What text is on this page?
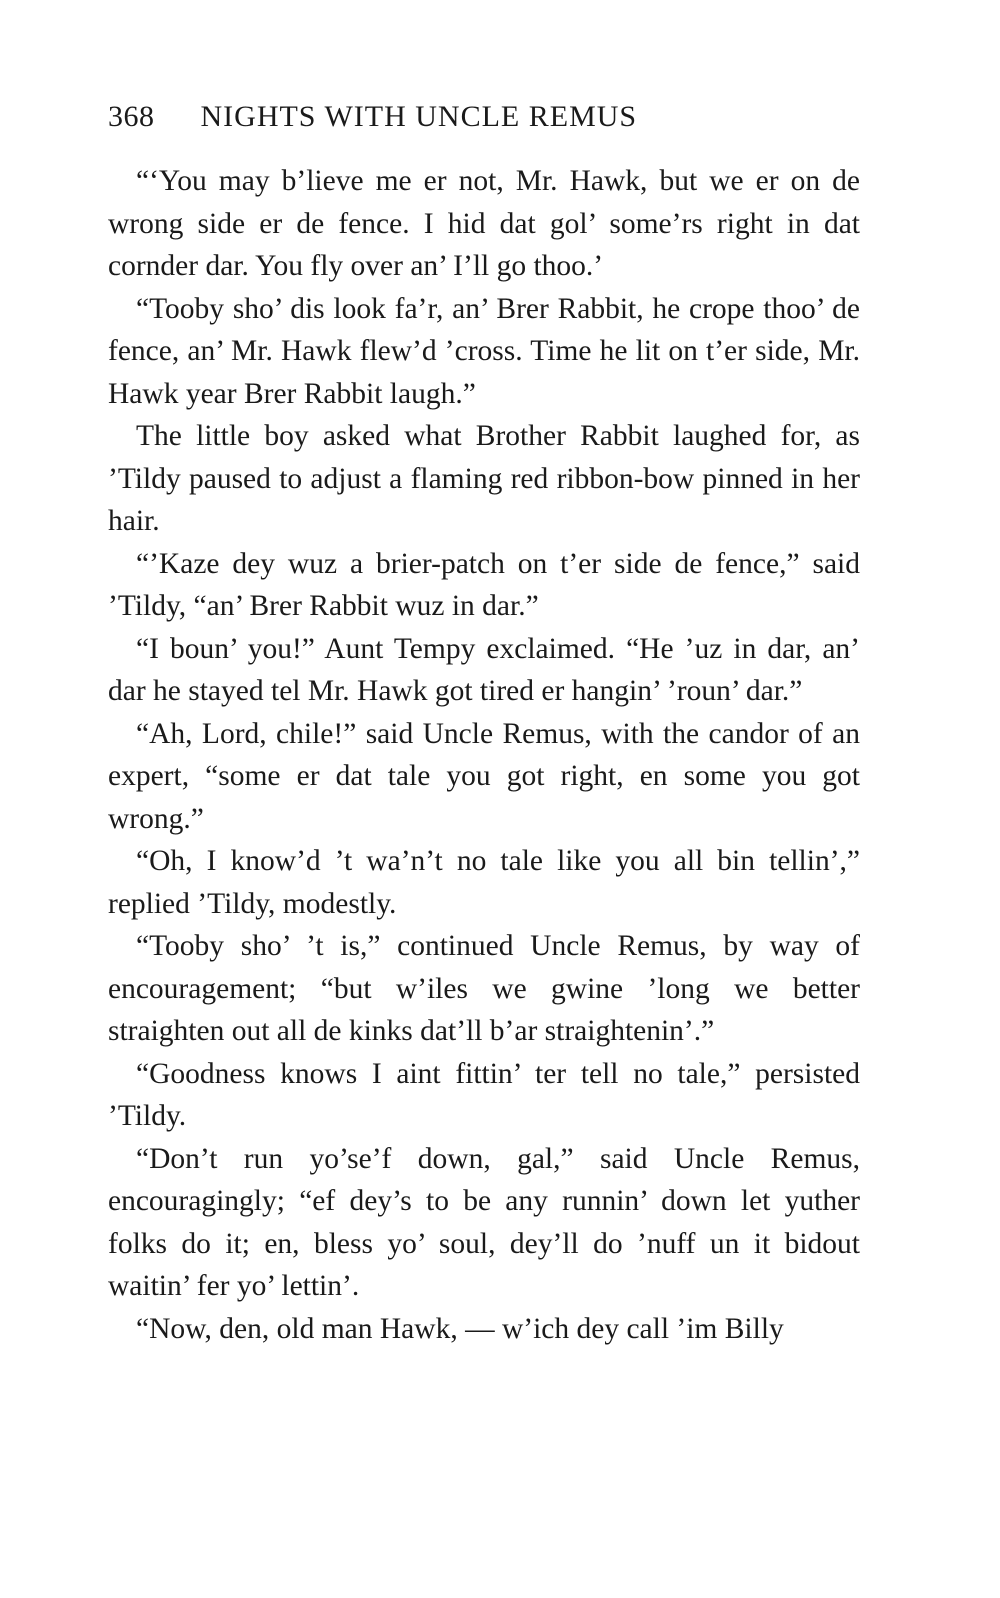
368 NIGHTS WITH UNCLE REMUS

“‘You may b’lieve me er not, Mr. Hawk, but we er on de wrong side er de fence. I hid dat gol’ some’rs right in dat cornder dar. You fly over an’ I’ll go thoo.’

“Tooby sho’ dis look fa’r, an’ Brer Rabbit, he crope thoo’ de fence, an’ Mr. Hawk flew’d ’cross. Time he lit on t’er side, Mr. Hawk year Brer Rabbit laugh.”

The little boy asked what Brother Rabbit laughed for, as ’Tildy paused to adjust a flaming red ribbon-bow pinned in her hair.

“’Kaze dey wuz a brier-patch on t’er side de fence,” said ’Tildy, “an’ Brer Rabbit wuz in dar.”

“I boun’ you!” Aunt Tempy exclaimed. “He ’uz in dar, an’ dar he stayed tel Mr. Hawk got tired er hangin’ ’roun’ dar.”

“Ah, Lord, chile!” said Uncle Remus, with the candor of an expert, “some er dat tale you got right, en some you got wrong.”

“Oh, I know’d ’t wa’n’t no tale like you all bin tellin’,” replied ’Tildy, modestly.

“Tooby sho’ ’t is,” continued Uncle Remus, by way of encouragement; “but w’iles we gwine ’long we better straighten out all de kinks dat’ll b’ar straightenin’.”

“Goodness knows I aint fittin’ ter tell no tale,” persisted ’Tildy.

“Don’t run yo’se’f down, gal,” said Uncle Remus, encouragingly; “ef dey’s to be any runnin’ down let yuther folks do it; en, bless yo’ soul, dey’ll do ’nuff un it bidout waitin’ fer yo’ lettin’.

“Now, den, old man Hawk, — w’ich dey call ’im Billy
